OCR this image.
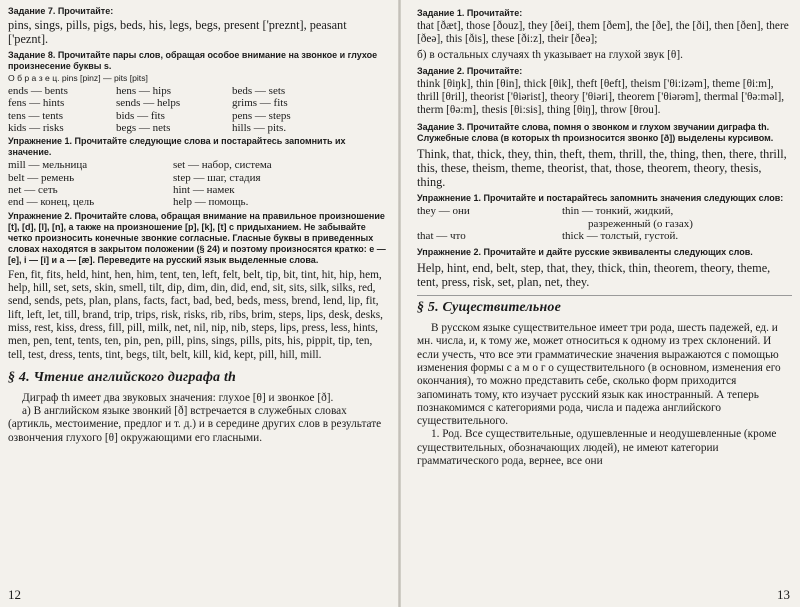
Задание 7. Прочитайте:

pins, sings, pills, pigs, beds, his, legs, begs, present ['preznt], peasant ['peznt].

Задание 8. Прочитайте пары слов, обращая особое внимание на звонкое и глухое произнесение буквы s.

О б р а з е ц. pins [pinz] — pits [pits]

ends — bents	hens — hips	beds — sets
fens — hints	sends — helps	grims — fits
tens — tents	bids — fits	pens — steps
kids — risks	begs — nets	hills — pits.

Упражнение 1. Прочитайте следующие слова и постарайтесь запомнить их значение.

mill — мельница	set — набор, система
belt — ремень	step — шаг, стадия
net — сеть	hint — намек
end — конец, цель	help — помощь.

Упражнение 2. Прочитайте слова, обращая внимание на правильное произношение [t], [d], [l], [n], а также на произношение [p], [k], [t] с придыханием. Не забывайте четко произносить конечные звонкие согласные. Гласные буквы в приведенных словах находятся в закрытом положении (§ 24) и поэтому произносятся кратко: е — [e], i — [i] и а — [æ]. Переведите на русский язык выделенные слова.

Fen, fit, fits, held, hint, hen, him, tent, ten, left, felt, belt, tip, bit, tint, hit, hip, hem, help, hill, set, sets, skin, smell, tilt, dip, dim, din, did, end, sit, sits, silk, silks, red, send, sends, pets, plan, plans, facts, fact, bad, bed, beds, mess, brend, lend, lip, fit, lift, left, let, till, brand, trip, trips, risk, risks, rib, ribs, brim, steps, lips, desk, desks, miss, rest, kiss, dress, fill, pill, milk, net, nil, nip, nib, steps, lips, press, less, hints, men, pen, tent, tents, ten, pin, pen, pill, pins, sings, pills, pits, his, pippit, tip, ten, tell, test, dress, tents, tint, begs, tilt, belt, kill, kid, kept, pill, hill, mill.

§ 4. Чтение английского диграфа th

Диграф th имеет два звуковых значения: глухое [θ] и звонкое [ð].

а) В английском языке звонкий [ð] встречается в служебных словах (артикль, местоимение, предлог и т. д.) и в середине других слов в результате озвончения глухого [θ] окружающими его гласными.

12

Задание 1. Прочитайте:

that [ðæt], those [ðouz], they [ðei], them [ðem], the [ðe], the [ði], then [ðen], there [ðeə], this [ðis], these [ði:z], their [ðeə];

б) в остальных случаях th указывает на глухой звук [θ].

Задание 2. Прочитайте:

think [θiŋk], thin [θin], thick [θik], theft [θeft], theism ['θi:izəm], theme [θi:m], thrill [θril], theorist ['θiərist], theory ['θiəri], theorem ['θiərəm], thermal ['θə:məl], therm [θə:m], thesis [θi:sis], thing [θiŋ], throw [θrou].

Задание 3. Прочитайте слова, помня о звонком и глухом звучании диграфа th. Служебные слова (в которых th произносится звонко [ð]) выделены курсивом.

Think, that, thick, they, thin, theft, them, thrill, the, thing, then, there, thrill, this, these, theism, theme, theorist, that, those, theorem, theory, thesis, thing.

Упражнение 1. Прочитайте и постарайтесь запомнить значения следующих слов:

they — они	thin — тонкий, жидкий,
	разреженный (о газах)
that — что	thick — толстый, густой.

Упражнение 2. Прочитайте и дайте русские эквиваленты следующих слов.

Help, hint, end, belt, step, that, they, thick, thin, theorem, theory, theme, tent, press, risk, set, plan, net, they.

§ 5. Существительное

В русском языке существительное имеет три рода, шесть падежей, ед. и мн. числа, и, к тому же, может относиться к одному из трех склонений. И если учесть, что все эти грамматические значения выражаются с помощью изменения формы с а м о г о существительного (в основном, изменения его окончания), то можно представить себе, сколько форм приходится запоминать тому, кто изучает русский язык как иностранный. А теперь познакомимся с категориями рода, числа и падежа английского существительного.

1. Род. Все существительные, одушевленные и неодушевленные (кроме существительных, обозначающих людей), не имеют категории грамматического рода, вернее, все они

13
